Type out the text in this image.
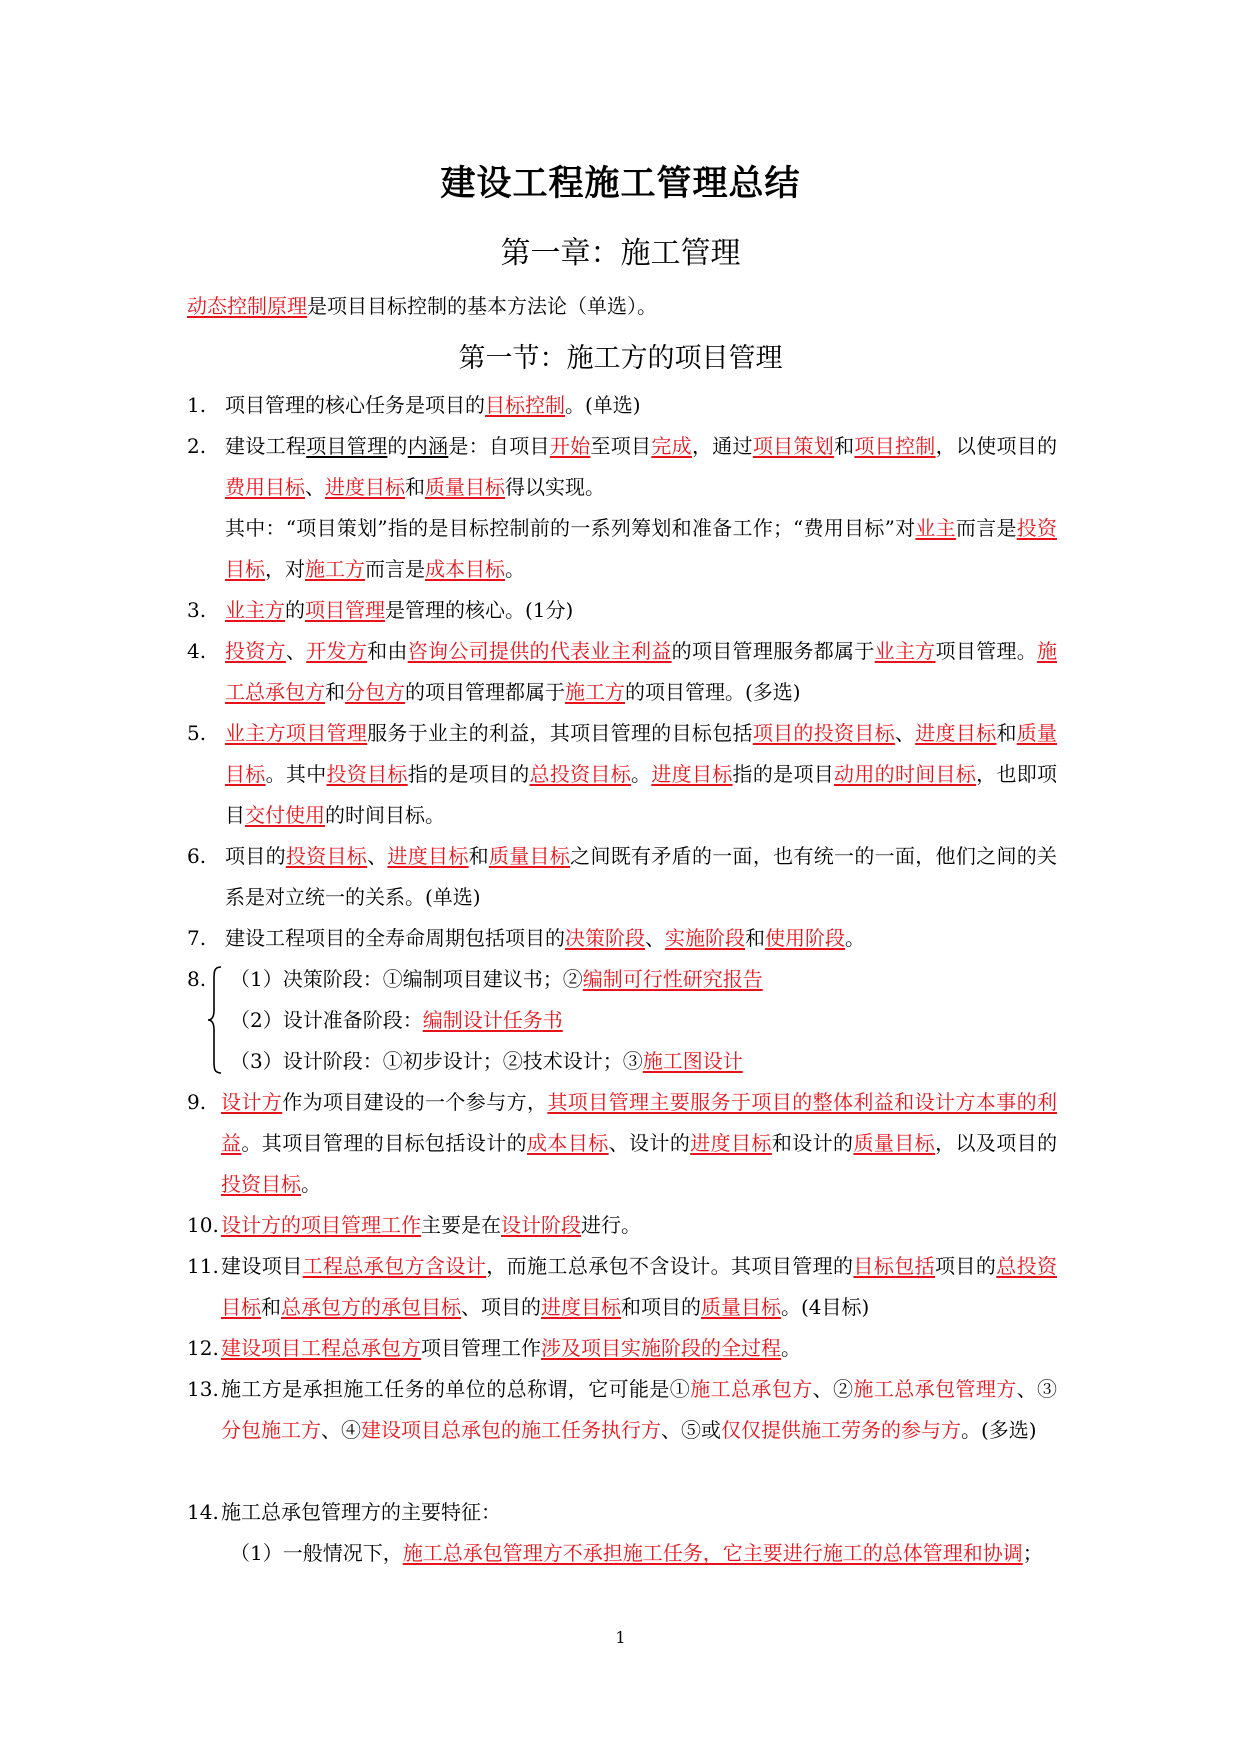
建设工程施工管理总结
第一章：施工管理
动态控制原理是项目目标控制的基本方法论（单选）。
第一节：施工方的项目管理
1. 项目管理的核心任务是项目的目标控制。(单选)
2. 建设工程项目管理的内涵是：自项目开始至项目完成，通过项目策划和项目控制，以使项目的费用目标、进度目标和质量目标得以实现。
其中：“项目策划”指的是目标控制前的一系列筹划和准备工作；“费用目标”对业主而言是投资目标，对施工方而言是成本目标。
3. 业主方的项目管理是管理的核心。(1分)
4. 投资方、开发方和由咨询公司提供的代表业主利益的项目管理服务都属于业主方项目管理。施工总承包方和分包方的项目管理都属于施工方的项目管理。(多选)
5. 业主方项目管理服务于业主的利益，其项目管理的目标包括项目的投资目标、进度目标和质量目标。其中投资目标指的是项目的总投资目标。进度目标指的是项目动用的时间目标，也即项目交付使用的时间目标。
6. 项目的投资目标、进度目标和质量目标之间既有矛盾的一面，也有统一的一面，他们之间的关系是对立统一的关系。(单选)
7. 建设工程项目的全寿命周期包括项目的决策阶段、实施阶段和使用阶段。
8.	（1）决策阶段：①编制项目建议书；②编制可行性研究报告
（2）设计准备阶段：编制设计任务书
（3）设计阶段：①初步设计；②技术设计；③施工图设计
9. 设计方作为项目建设的一个参与方，其项目管理主要服务于项目的整体利益和设计方本事的利益。其项目管理的目标包括设计的成本目标、设计的进度目标和设计的质量目标，以及项目的投资目标。
10. 设计方的项目管理工作主要是在设计阶段进行。
11. 建设项目工程总承包方含设计，而施工总承包不含设计。其项目管理的目标包括项目的总投资目标和总承包方的承包目标、项目的进度目标和项目的质量目标。(4目标)
12. 建设项目工程总承包方项目管理工作涉及项目实施阶段的全过程。
13. 施工方是承担施工任务的单位的总称谓，它可能是①施工总承包方、②施工总承包管理方、③分包施工方、④建设项目总承包的施工任务执行方、⑤或仅仅提供施工劳务的参与方。(多选)
14. 施工总承包管理方的主要特征：
（1）一般情况下，施工总承包管理方不承担施工任务，它主要进行施工的总体管理和协调；
1
